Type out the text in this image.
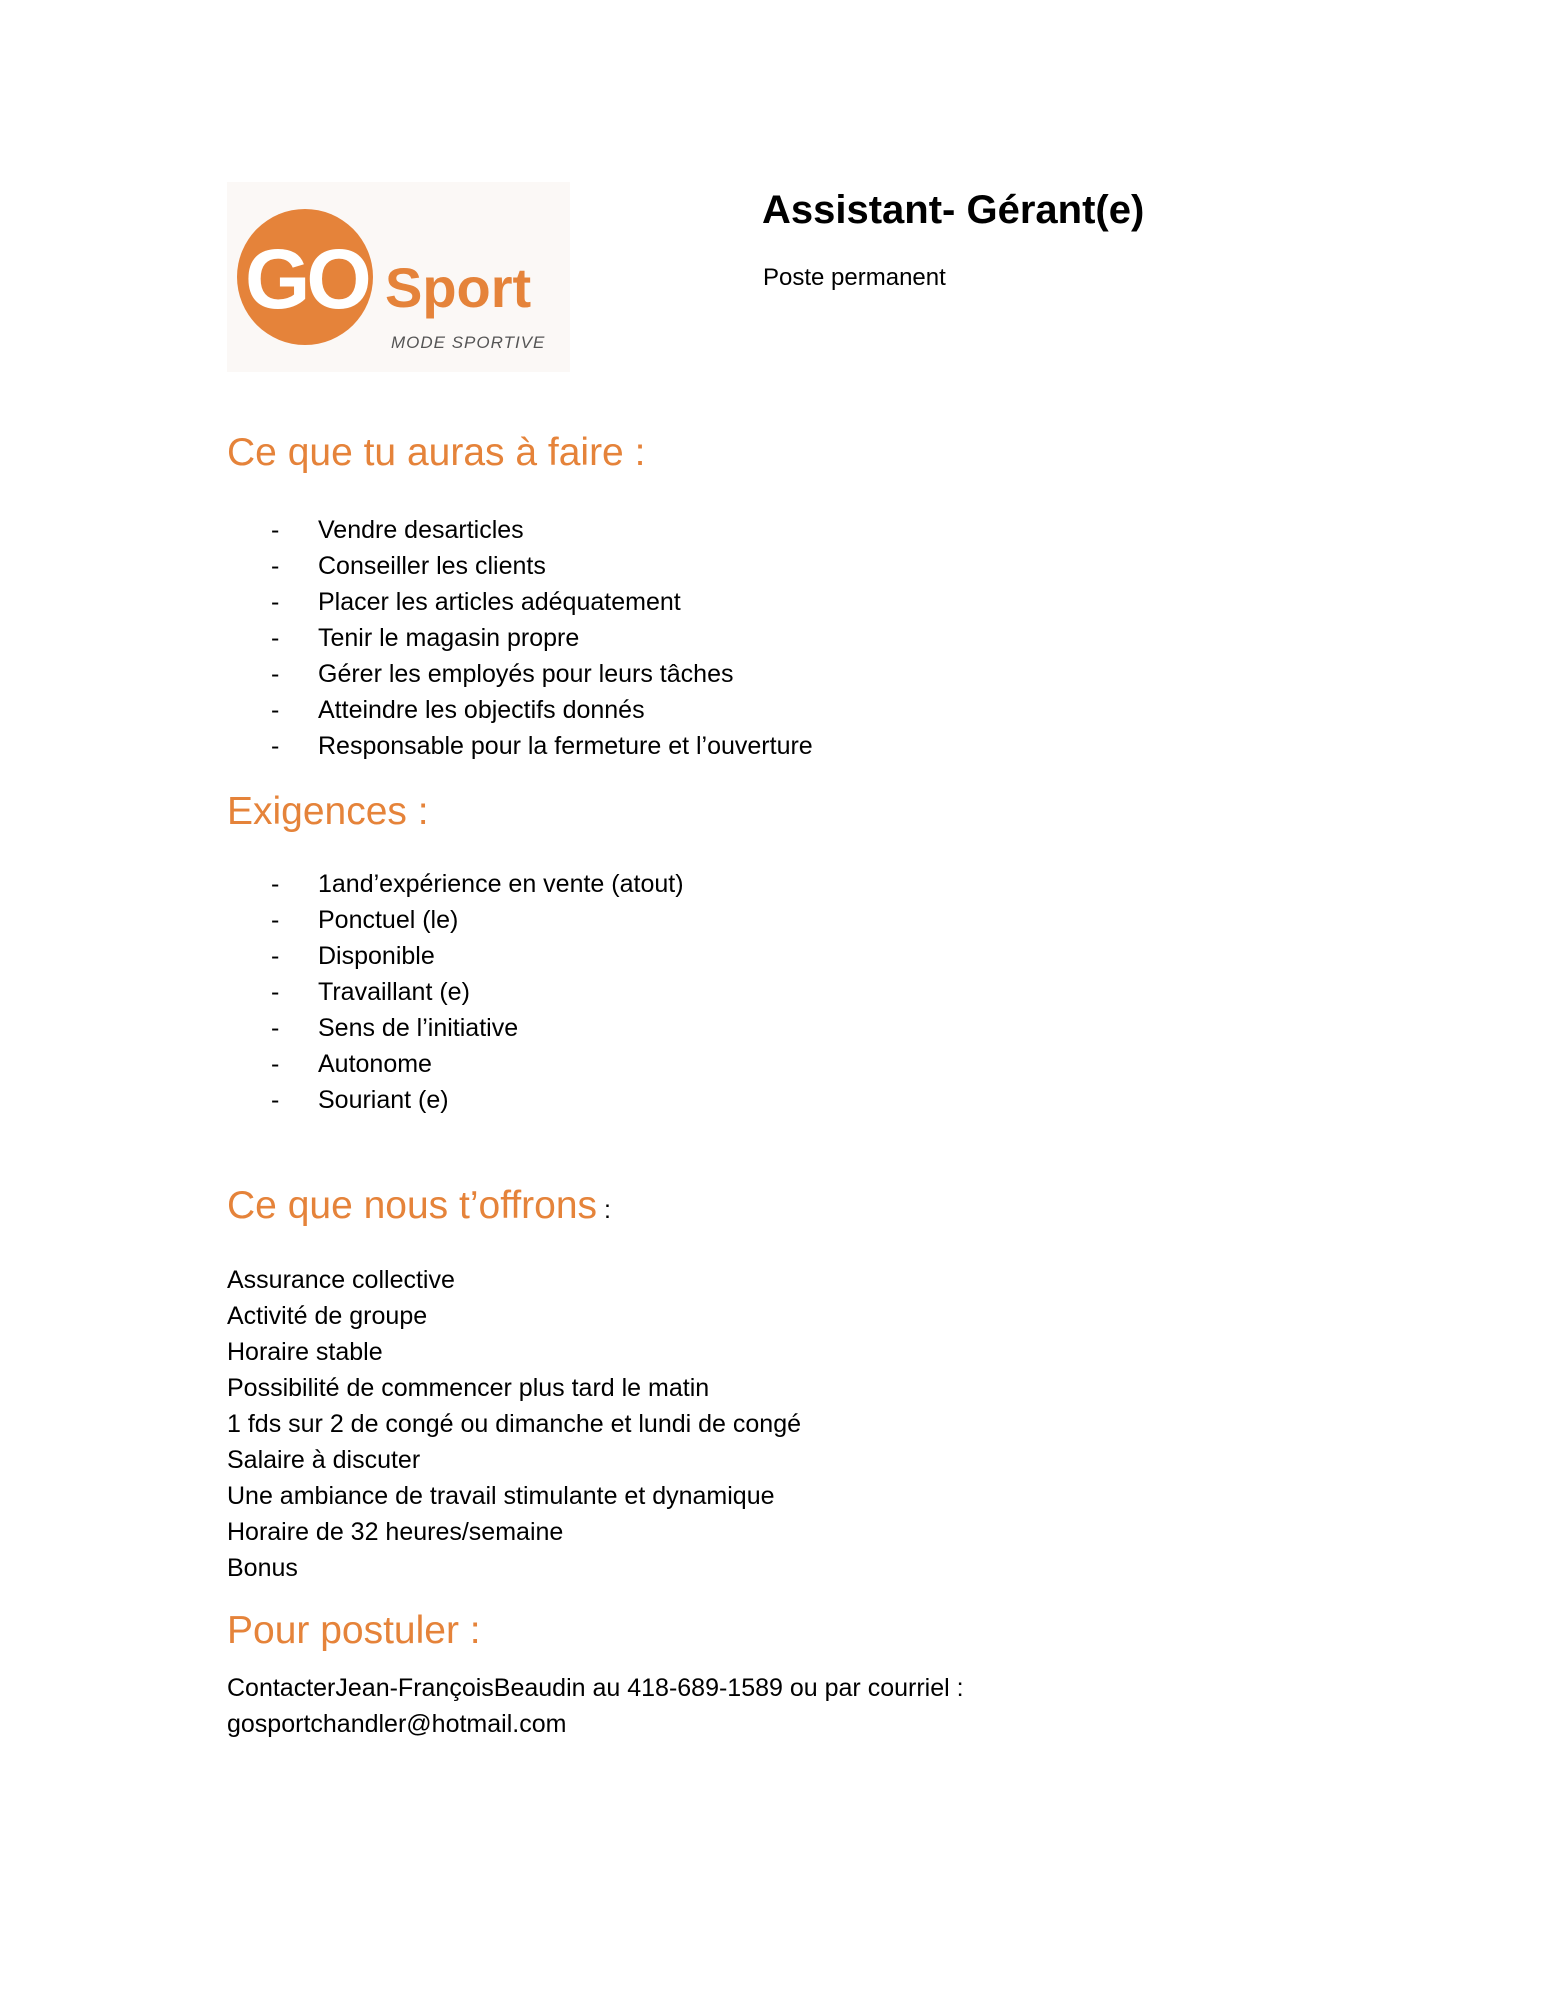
GO Sport
MODE SPORTIVE
Assistant- Gérant(e)
Poste permanent
Ce que tu auras à faire :
- Vendre desarticles
- Conseiller les clients
- Placer les articles adéquatement
- Tenir le magasin propre
- Gérer les employés pour leurs tâches
- Atteindre les objectifs donnés
- Responsable pour la fermeture et l’ouverture
Exigences :
- 1and’expérience en vente (atout)
- Ponctuel (le)
- Disponible
- Travaillant (e)
- Sens de l’initiative
- Autonome
- Souriant (e)
Ce que nous t’offrons :
Assurance collective
Activité de groupe
Horaire stable
Possibilité de commencer plus tard le matin
1 fds sur 2 de congé ou dimanche et lundi de congé
Salaire à discuter
Une ambiance de travail stimulante et dynamique
Horaire de 32 heures/semaine
Bonus
Pour postuler :
ContacterJean-FrançoisBeaudin au 418-689-1589 ou par courriel :
gosportchandler@hotmail.com
